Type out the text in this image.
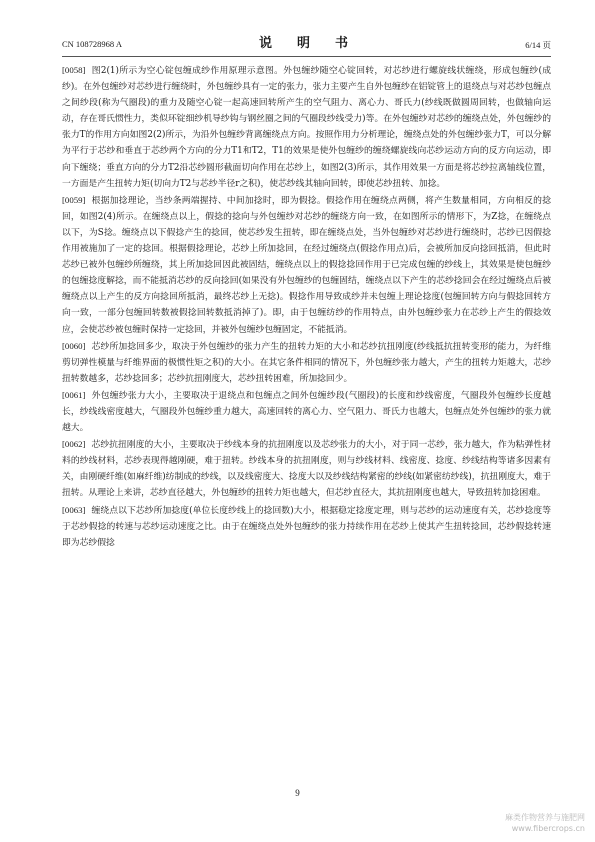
CN 108728968 A	说　明　书	6/14 页

[0058] 图2(1)所示为空心锭包缠成纱作用原理示意图。外包缠纱随空心锭回转，对芯纱进行螺旋线状缠绕，形成包缠纱(成纱)。在外包缠纱对芯纱进行缠绕时，外包缠纱具有一定的张力，张力主要产生自外包缠纱在铝锭管上的退绕点与对芯纱包缠点之间纱段(称为气圈段)的重力及随空心锭一起高速回转所产生的空气阻力、离心力、哥氏力(纱线既做圆周回转，也做轴向运动，存在哥氏惯性力，类似环锭细纱机导纱钩与钢丝圈之间的气圈段纱线受力)等。在外包缠纱对芯纱的缠绕点处，外包缠纱的张力T的作用方向如图2(2)所示，为沿外包缠纱背离缠绕点方向。按照作用力分析理论，缠绕点处的外包缠纱张力T，可以分解为平行于芯纱和垂直于芯纱两个方向的分力T1和T2，T1的效果是使外包缠纱的缠绕螺旋线向芯纱运动方向的反方向运动，即向下缠绕；垂直方向的分力T2沿芯纱圆形截面切向作用在芯纱上，如图2(3)所示，其作用效果一方面是将芯纱拉离轴线位置，一方面是产生扭转力矩(切向力T2与芯纱半径r之积)，使芯纱线其轴向回转，即使芯纱扭转、加捻。

[0059] 根据加捻理论，当纱条两端握持、中间加捻时，即为假捻。假捻作用在缠绕点两侧，将产生数量相同，方向相反的捻回，如图2(4)所示。在缠绕点以上，假捻的捻向与外包缠纱对芯纱的缠绕方向一致，在如图所示的情形下，为Z捻，在缠绕点以下，为S捻。缠绕点以下假捻产生的捻回，使芯纱发生扭转，即在缠绕点处，当外包缠纱对芯纱进行缠绕时，芯纱已因假捻作用被施加了一定的捻回。根据假捻理论，芯纱上所加捻回，在经过缠绕点(假捻作用点)后，会被所加反向捻回抵消，但此时芯纱已被外包缠纱所缠绕，其上所加捻回因此被固结，缠绕点以上的假捻捻回作用于已完成包缠的纱线上，其效果是使包缠纱的包缠捻度解捻，而不能抵消芯纱的反向捻回(如果没有外包缠纱的包缠固结，缠绕点以下产生的芯纱捻回会在经过缠绕点后被缠绕点以上产生的反方向捻回所抵消，最终芯纱上无捻)。假捻作用导致成纱并未包缠上理论捻度(包缠回转方向与假捻回转方向一致，一部分包缠回转数被假捻回转数抵消掉了)。即，由于包缠纺纱的作用特点，由外包缠纱张力在芯纱上产生的假捻效应，会使芯纱被包缠时保持一定捻回，并被外包缠纱包缠固定，不能抵消。

[0060] 芯纱所加捻回多少，取决于外包缠纱的张力产生的扭转力矩的大小和芯纱抗扭刚度(纱线抵抗扭转变形的能力，为纤维剪切弹性模量与纤维界面的极惯性矩之积)的大小。在其它条件相同的情况下，外包缠纱张力越大，产生的扭转力矩越大，芯纱扭转数越多，芯纱捻回多；芯纱抗扭刚度大，芯纱扭转困难，所加捻回少。

[0061] 外包缠纱张力大小，主要取决于退绕点和包缠点之间外包缠纱段(气圈段)的长度和纱线密度，气圈段外包缠纱长度越长，纱线线密度越大，气圈段外包缠纱重力越大，高速回转的离心力、空气阻力、哥氏力也越大，包缠点处外包缠纱的张力就越大。

[0062] 芯纱抗扭刚度的大小，主要取决于纱线本身的抗扭刚度以及芯纱张力的大小，对于同一芯纱，张力越大，作为粘弹性材料的纱线材料，芯纱表现得越刚硬，难于扭转。纱线本身的抗扭刚度，则与纱线材料、线密度、捻度、纱线结构等诸多因素有关，由刚硬纤维(如麻纤维)纺制成的纱线，以及线密度大、捻度大以及纱线结构紧密的纱线(如紧密纺纱线)，抗扭刚度大，难于扭转。从理论上来讲，芯纱直径越大，外包缠纱的扭转力矩也越大，但芯纱直径大，其抗扭刚度也越大，导致扭转加捻困难。

[0063] 缠绕点以下芯纱所加捻度(单位长度纱线上的捻回数)大小，根据稳定捻度定理，则与芯纱的运动速度有关，芯纱捻度等于芯纱假捻的转速与芯纱运动速度之比。由于在缠绕点处外包缠纱的张力持续作用在芯纱上使其产生扭转捻回，芯纱假捻转速即为芯纱假捻

9
麻类作物营养与施肥网
www.fibercrops.cn
